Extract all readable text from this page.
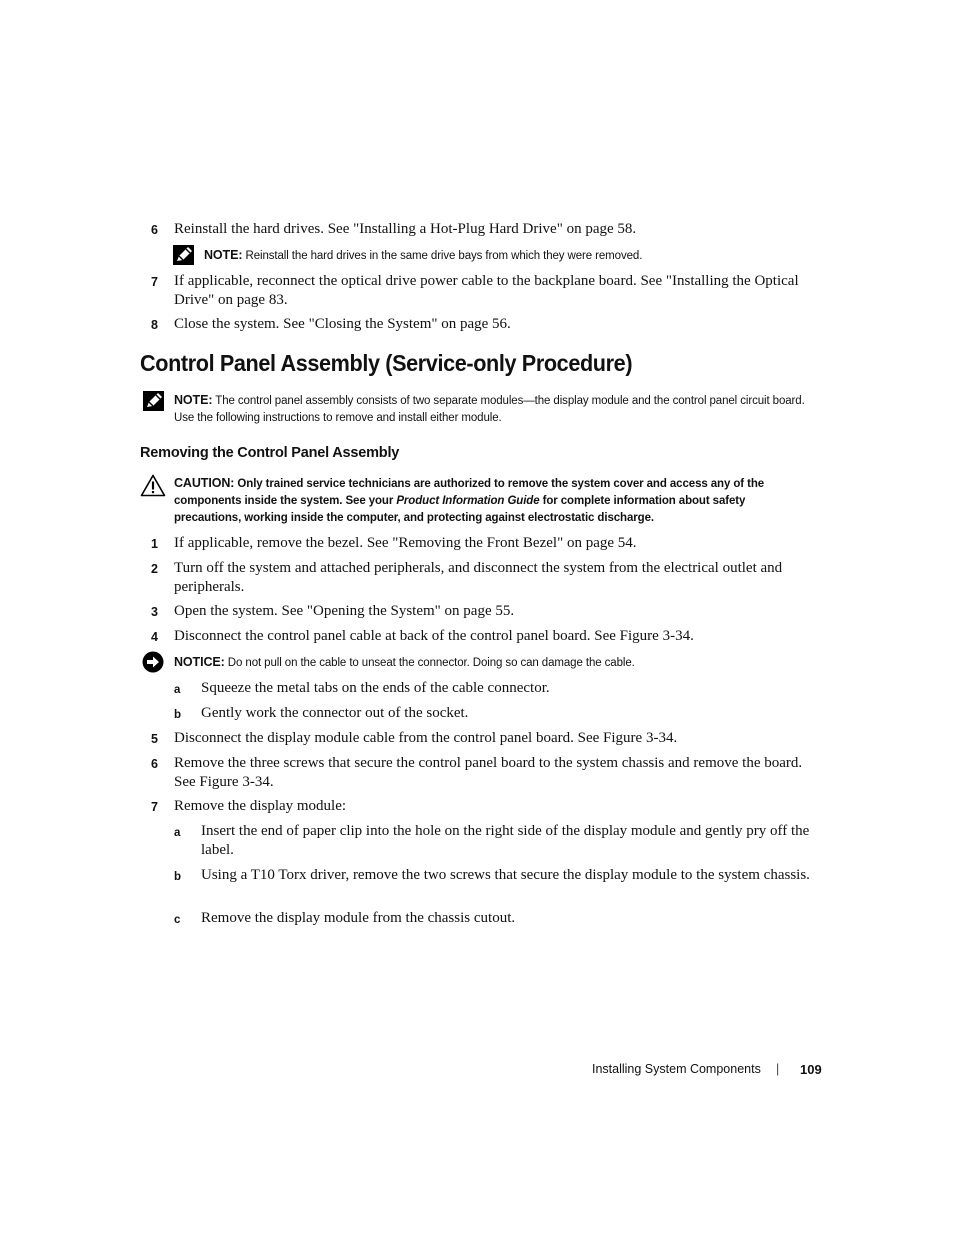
6 Reinstall the hard drives. See "Installing a Hot-Plug Hard Drive" on page 58.
NOTE: Reinstall the hard drives in the same drive bays from which they were removed.
7 If applicable, reconnect the optical drive power cable to the backplane board. See "Installing the Optical Drive" on page 83.
8 Close the system. See "Closing the System" on page 56.
Control Panel Assembly (Service-only Procedure)
NOTE: The control panel assembly consists of two separate modules—the display module and the control panel circuit board. Use the following instructions to remove and install either module.
Removing the Control Panel Assembly
CAUTION: Only trained service technicians are authorized to remove the system cover and access any of the components inside the system. See your Product Information Guide for complete information about safety precautions, working inside the computer, and protecting against electrostatic discharge.
1 If applicable, remove the bezel. See "Removing the Front Bezel" on page 54.
2 Turn off the system and attached peripherals, and disconnect the system from the electrical outlet and peripherals.
3 Open the system. See "Opening the System" on page 55.
4 Disconnect the control panel cable at back of the control panel board. See Figure 3-34.
NOTICE: Do not pull on the cable to unseat the connector. Doing so can damage the cable.
a Squeeze the metal tabs on the ends of the cable connector.
b Gently work the connector out of the socket.
5 Disconnect the display module cable from the control panel board. See Figure 3-34.
6 Remove the three screws that secure the control panel board to the system chassis and remove the board. See Figure 3-34.
7 Remove the display module:
a Insert the end of paper clip into the hole on the right side of the display module and gently pry off the label.
b Using a T10 Torx driver, remove the two screws that secure the display module to the system chassis.
c Remove the display module from the chassis cutout.
Installing System Components | 109
